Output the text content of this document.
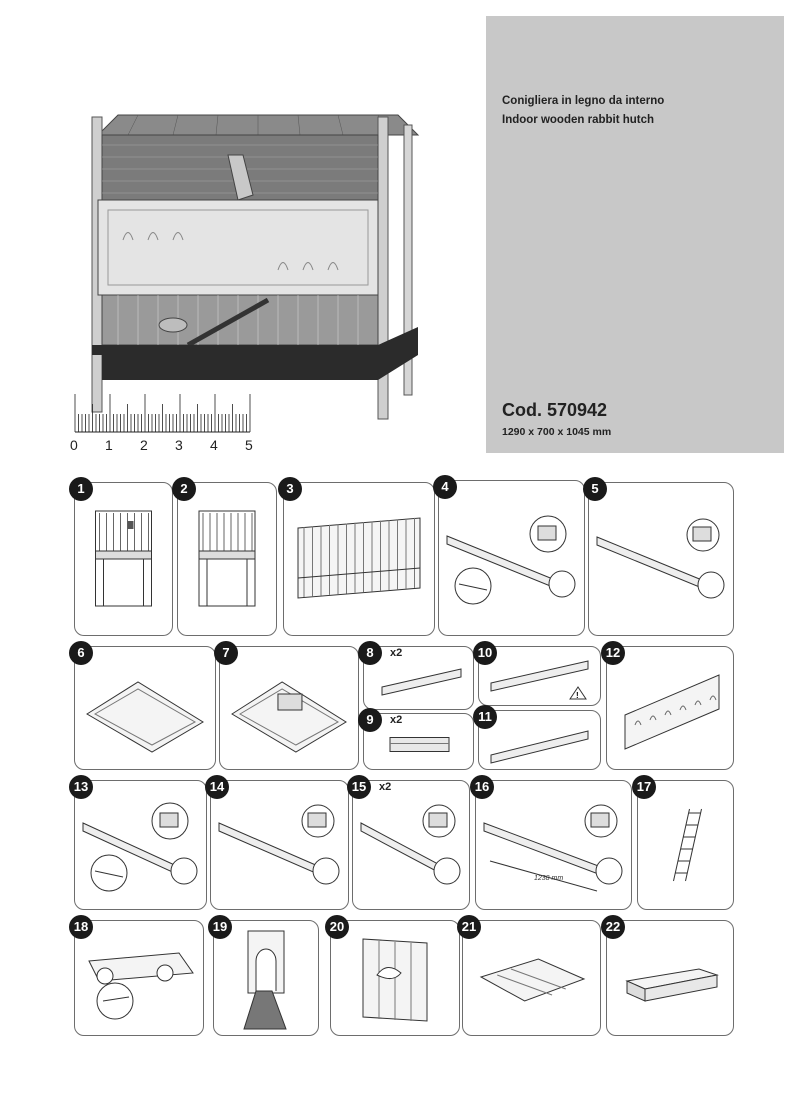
0 1 2 3 4 5
Conigliera in legno da interno
Indoor wooden rabbit hutch
Cod. 570942
1290 x 700 x 1045 mm
1	2	3	4	5
6	7	8	x2
9	x2
!
10
11
12
13	14	15	x2	16
1238 mm
17
18	19	20	21	22
